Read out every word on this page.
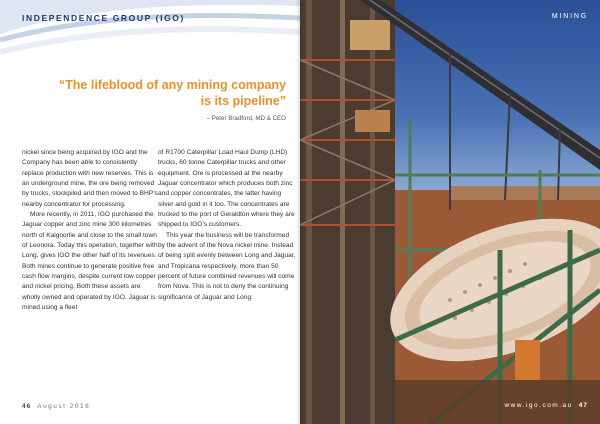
INDEPENDENCE GROUP (IGO)
“The lifeblood of any mining company is its pipeline”
– Peter Bradford, MD & CEO

nickel since being acquired by IGO and the Company has been able to consistently replace production with new reserves. This is an underground mine, the ore being removed by trucks, stockpiled and then moved to BHP’s nearby concentrator for processing.

More recently, in 2011, IGO purchased the Jaguar copper and zinc mine 300 kilometres north of Kalgoorlie and close to the small town of Leonora. Today this operation, together with Long, gives IGO the other half of its revenues. Both mines continue to generate positive free cash flow margins, despite current low copper and nickel pricing. Both these assets are wholly owned and operated by IGO. Jaguar is mined using a fleet

of R1700 Caterpillar Load Haul Dump (LHD) trucks, 60 tonne Caterpillar trucks and other equipment. Ore is processed at the nearby Jaguar concentrator which produces both zinc and copper concentrates, the latter having silver and gold in it too. The concentrates are trucked to the port of Geraldton where they are shipped to IGO’s customers.

This year the business will be transformed by the advent of the Nova nickel mine. Instead of being split evenly between Long and Jaguar, and Tropicana respectively, more than 50 percent of future combined revenues will come from Nova. This is not to deny the continuing significance of Jaguar and Long:

46 August 2016
MINING
www.igo.com.au 47
